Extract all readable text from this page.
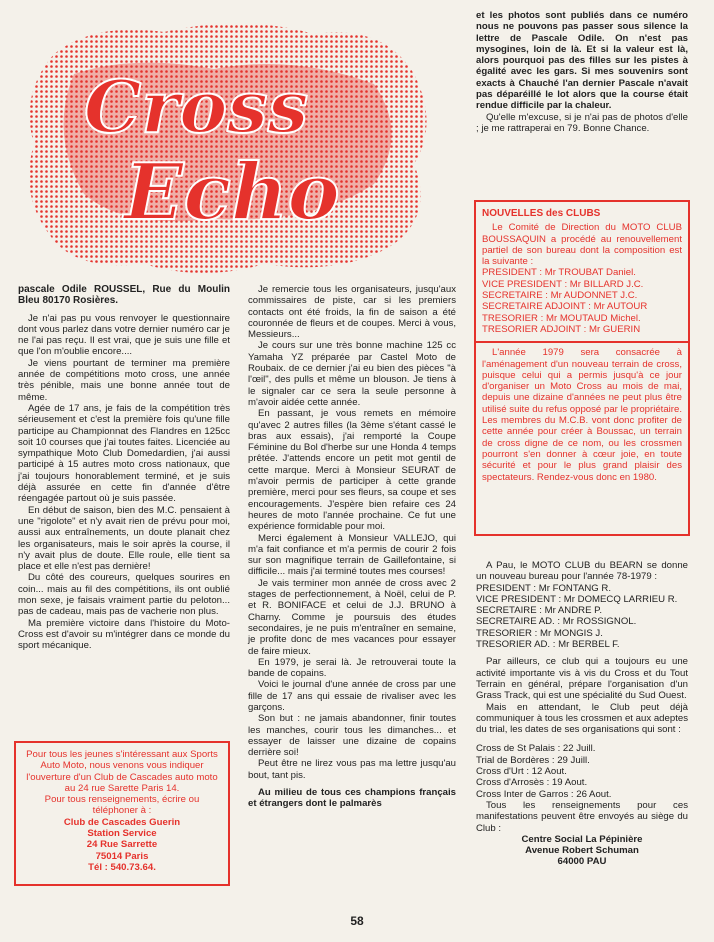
Cross
Echo

pascale Odile ROUSSEL, Rue du Moulin Bleu 80170 Rosières.

Je n'ai pas pu vous renvoyer le questionnaire dont vous parlez dans votre dernier numéro car je ne l'ai pas reçu. Il est vrai, que je suis une fille et que l'on m'oublie encore....

Je viens pourtant de terminer ma première année de compétitions moto cross, une année très pénible, mais une bonne année tout de même.

Agée de 17 ans, je fais de la compétition très sérieusement et c'est la première fois qu'une fille participe au Championnat des Flandres en 125cc soit 10 courses que j'ai toutes faites. Licenciée au sympathique Moto Club Domedardien, j'ai aussi participé à 15 autres moto cross nationaux, que j'ai toujours honorablement terminé, et je suis déjà assurée en cette fin d'année d'être réengagée partout où je suis passée.

En début de saison, bien des M.C. pensaient à une "rigolote" et n'y avait rien de prévu pour moi, aussi aux entraînements, un doute planait chez les organisateurs, mais le soir après la course, il n'y avait plus de doute. Elle roule, elle tient sa place et elle n'est pas dernière!

Du côté des coureurs, quelques sourires en coin... mais au fil des compétitions, ils ont oublié mon sexe, je faisais vraiment partie du peloton... pas de cadeau, mais pas de vacherie non plus.

Ma première victoire dans l'histoire du Moto-Cross est d'avoir su m'intégrer dans ce monde du sport mécanique.

Pour tous les jeunes s'intéressant aux Sports Auto Moto, nous venons vous indiquer l'ouverture d'un Club de Cascades auto moto au 24 rue Sarette Paris 14.

Pour tous renseignements, écrire ou téléphoner à :

Club de Cascades Guerin

Station Service

24 Rue Sarrette

75014 Paris

Tél : 540.73.64.

Je remercie tous les organisateurs, jusqu'aux commissaires de piste, car si les premiers contacts ont été froids, la fin de saison a été couronnée de fleurs et de coupes. Merci à vous, Messieurs...

Je cours sur une très bonne machine 125 cc Yamaha YZ préparée par Castel Moto de Roubaix. de ce dernier j'ai eu bien des pièces "à l'œil", des pulls et même un blouson. Je tiens à le signaler car ce sera la seule personne à m'avoir aidée cette année.

En passant, je vous remets en mémoire qu'avec 2 autres filles (la 3ème s'étant cassé le bras aux essais), j'ai remporté la Coupe Féminine du Bol d'herbe sur une Honda 4 temps prêtée. J'attends encore un petit mot gentil de cette marque. Merci à Monsieur SEURAT de m'avoir permis de participer à cette grande première, merci pour ses fleurs, sa coupe et ses encouragements. J'espère bien refaire ces 24 heures de moto l'année prochaine. Ce fut une expérience formidable pour moi.

Merci également à Monsieur VALLEJO, qui m'a fait confiance et m'a permis de courir 2 fois sur son magnifique terrain de Gaillefontaine, si difficile... mais j'ai terminé toutes mes courses!

Je vais terminer mon année de cross avec 2 stages de perfectionnement, à Noël, celui de P. et R. BONIFACE et celui de J.J. BRUNO à Charny. Comme je poursuis des études secondaires, je ne puis m'entraîner en semaine, je profite donc de mes vacances pour essayer de faire mieux.

En 1979, je serai là. Je retrouverai toute la bande de copains.

Voici le journal d'une année de cross par une fille de 17 ans qui essaie de rivaliser avec les garçons.

Son but : ne jamais abandonner, finir toutes les manches, courir tous les dimanches... et essayer de laisser une dizaine de copains derrière soi!

Peut être ne lirez vous pas ma lettre jusqu'au bout, tant pis.

Au milieu de tous ces champions français et étrangers dont le palmarès

et les photos sont publiés dans ce numéro nous ne pouvons pas passer sous silence la lettre de Pascale Odile. On n'est pas mysogines, loin de là. Et si la valeur est là, alors pourquoi pas des filles sur les pistes à égalité avec les gars. Si mes souvenirs sont exacts à Chauché l'an dernier Pascale n'avait pas déparéillé le lot alors que la course était rendue difficile par la chaleur.

Qu'elle m'excuse, si je n'ai pas de photos d'elle ; je me rattraperai en 79. Bonne Chance.

NOUVELLES des CLUBS

Le Comité de Direction du MOTO CLUB BOUSSAQUIN a procédé au renouvellement partiel de son bureau dont la composition est la suivante :

PRESIDENT : Mr TROUBAT Daniel.

VICE PRESIDENT : Mr BILLARD J.C.

SECRETAIRE : Mr AUDONNET J.C.

SECRETAIRE ADJOINT : Mr AUTOUR

TRESORIER : Mr MOUTAUD Michel.

TRESORIER ADJOINT : Mr GUERIN

L'année 1979 sera consacrée à l'aménagement d'un nouveau terrain de cross, puisque celui qui a permis jusqu'à ce jour d'organiser un Moto Cross au mois de mai, depuis une dizaine d'années ne peut plus être utilisé suite du refus opposé par le propriétaire. Les membres du M.C.B. vont donc profiter de cette année pour créer à Boussac, un terrain de cross digne de ce nom, ou les crossmen pourront s'en donner à cœur joie, en toute sécurité et pour le plus grand plaisir des spectateurs. Rendez-vous donc en 1980.

A Pau, le MOTO CLUB du BEARN se donne un nouveau bureau pour l'année 78-1979 :

PRESIDENT : Mr FONTANG R.

VICE PRESIDENT : Mr DOMECQ LARRIEU R.

SECRETAIRE : Mr ANDRE P.

SECRETAIRE AD. : Mr ROSSIGNOL.

TRESORIER : Mr MONGIS J.

TRESORIER AD. : Mr BERBEL F.

Par ailleurs, ce club qui a toujours eu une activité importante vis à vis du Cross et du Tout Terrain en général, prépare l'organisation d'un Grass Track, qui est une spécialité du Sud Ouest.

Mais en attendant, le Club peut déjà communiquer à tous les crossmen et aux adeptes du trial, les dates de ses organisations qui sont :

Cross de St Palais : 22 Juill.

Trial de Bordères : 29 Juill.

Cross d'Urt : 12 Aout.

Cross d'Arrosès : 19 Aout.

Cross Inter de Garros : 26 Aout.

Tous les renseignements pour ces manifestations peuvent être envoyés au siège du Club :

Centre Social La Pépinière

Avenue Robert Schuman

64000 PAU

58
